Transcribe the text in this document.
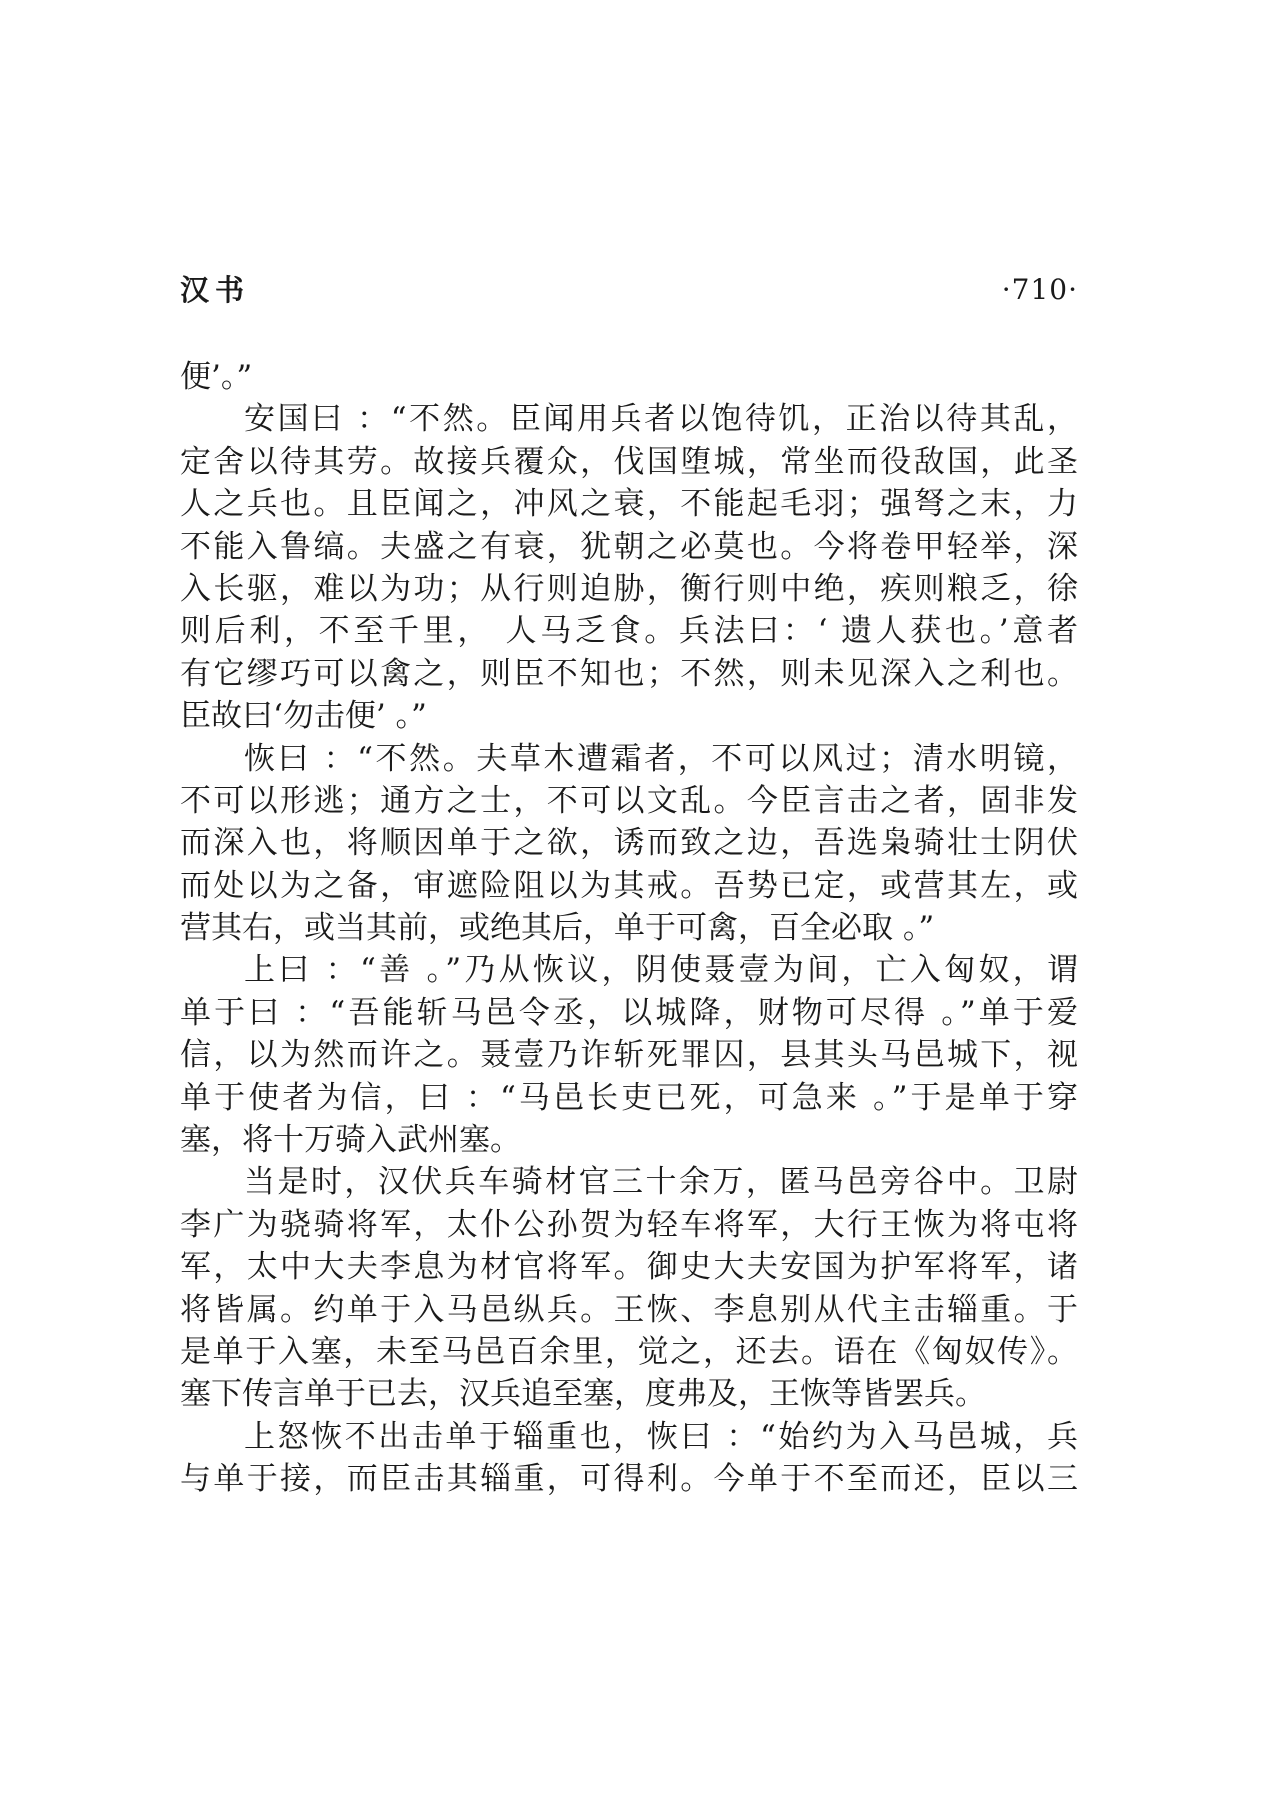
汉书	·710·
便’。”
安国曰 ：“不然。臣闻用兵者以饱待饥，正治以待其乱，
定舍以待其劳。故接兵覆众，伐国堕城，常坐而役敌国，此圣
人之兵也。且臣闻之，冲风之衰，不能起毛羽；强弩之末，力
不能入鲁缟。夫盛之有衰，犹朝之必莫也。今将卷甲轻举，深
入长驱，难以为功；从行则迫胁，衡行则中绝，疾则粮乏，徐
则后利，不至千里， 人马乏食。兵法曰：‘ 遗人获也。’意者
有它缪巧可以禽之，则臣不知也；不然，则未见深入之利也。
臣故曰‘勿击便’ 。”
恢曰 ：“不然。夫草木遭霜者，不可以风过；清水明镜，
不可以形逃；通方之士，不可以文乱。今臣言击之者，固非发
而深入也，将顺因单于之欲，诱而致之边，吾选枭骑壮士阴伏
而处以为之备，审遮险阻以为其戒。吾势已定，或营其左，或
营其右，或当其前，或绝其后，单于可禽，百全必取 。”
上曰 ：“善 。”乃从恢议，阴使聂壹为间，亡入匈奴，谓
单于曰 ：“吾能斩马邑令丞，以城降，财物可尽得 。”单于爱
信，以为然而许之。聂壹乃诈斩死罪囚，县其头马邑城下，视
单于使者为信，曰 ：“马邑长吏已死，可急来 。”于是单于穿
塞，将十万骑入武州塞。
当是时，汉伏兵车骑材官三十余万，匿马邑旁谷中。卫尉
李广为骁骑将军，太仆公孙贺为轻车将军，大行王恢为将屯将
军，太中大夫李息为材官将军。御史大夫安国为护军将军，诸
将皆属。约单于入马邑纵兵。王恢、李息别从代主击辎重。于
是单于入塞，未至马邑百余里，觉之，还去。语在《匈奴传》。
塞下传言单于已去，汉兵追至塞，度弗及，王恢等皆罢兵。
上怒恢不出击单于辎重也，恢曰 ：“始约为入马邑城，兵
与单于接，而臣击其辎重，可得利。今单于不至而还，臣以三
